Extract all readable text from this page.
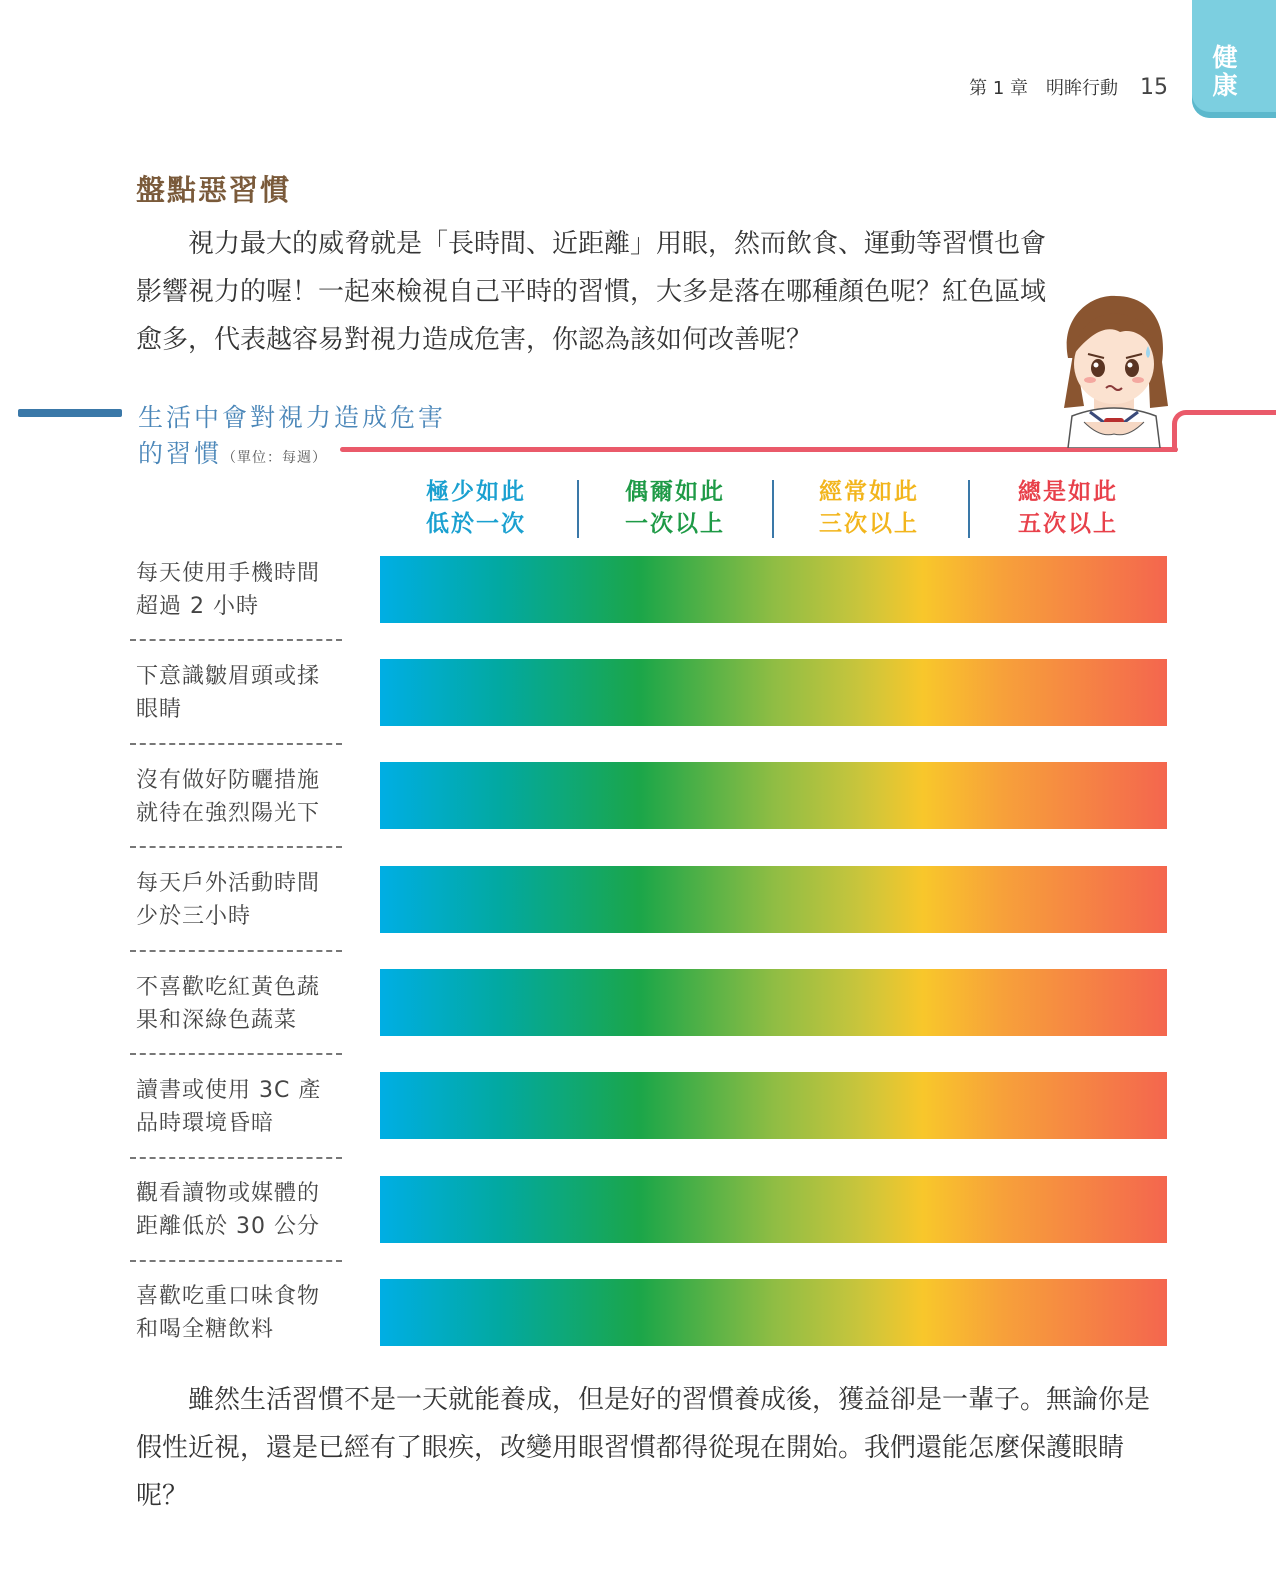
健康
第 1 章　明眸行動 15
盤點惡習慣

視力最大的威脅就是「長時間、近距離」用眼，然而飲食、運動等習慣也會影響視力的喔！一起來檢視自己平時的習慣，大多是落在哪種顏色呢？紅色區域愈多，代表越容易對視力造成危害，你認為該如何改善呢？

生活中會對視力造成危害
的習慣（單位：每週）
極少如此
低於一次
偶爾如此
一次以上
經常如此
三次以上
總是如此
五次以上
每天使用手機時間
超過 2 小時
下意識皺眉頭或揉
眼睛
沒有做好防曬措施
就待在強烈陽光下
每天戶外活動時間
少於三小時
不喜歡吃紅黃色蔬
果和深綠色蔬菜
讀書或使用 3C 產
品時環境昏暗
觀看讀物或媒體的
距離低於 30 公分
喜歡吃重口味食物
和喝全糖飲料

雖然生活習慣不是一天就能養成，但是好的習慣養成後，獲益卻是一輩子。無論你是假性近視，還是已經有了眼疾，改變用眼習慣都得從現在開始。我們還能怎麼保護眼睛呢？
